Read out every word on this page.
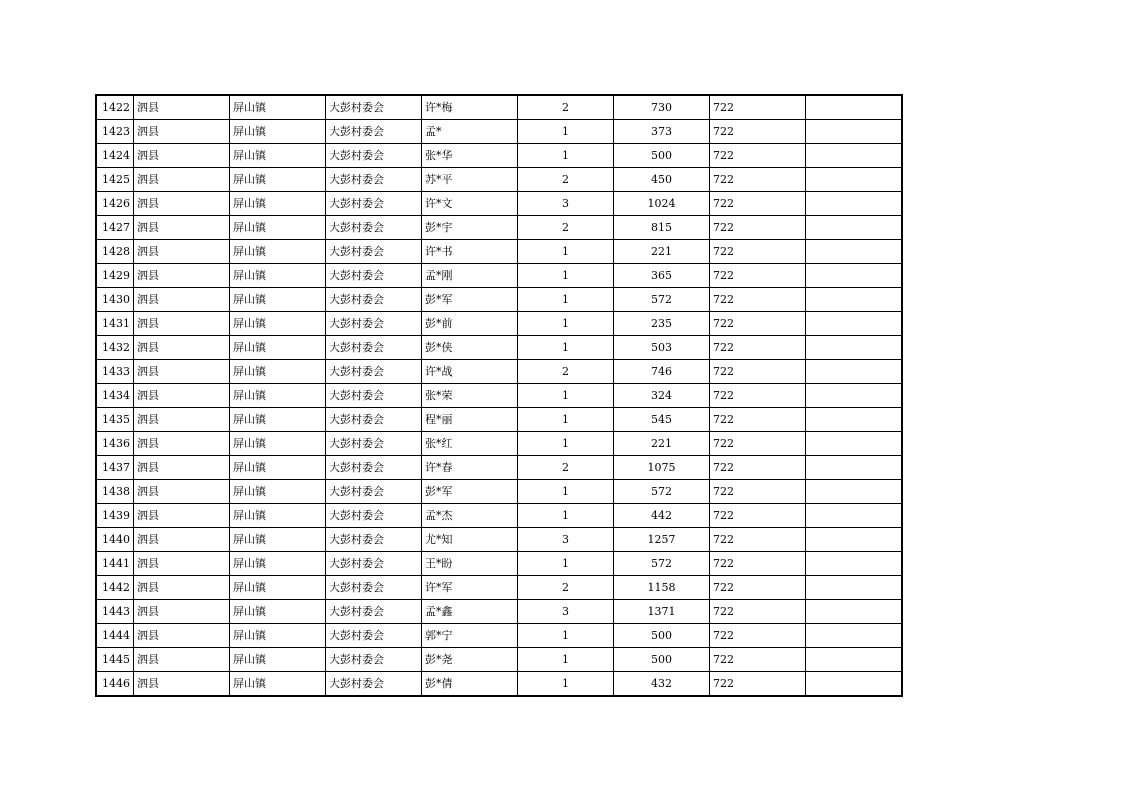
1422	泗县	屏山镇	大彭村委会	许*梅	2	730	722	
1423	泗县	屏山镇	大彭村委会	孟*	1	373	722	
1424	泗县	屏山镇	大彭村委会	张*华	1	500	722	
1425	泗县	屏山镇	大彭村委会	苏*平	2	450	722	
1426	泗县	屏山镇	大彭村委会	许*文	3	1024	722	
1427	泗县	屏山镇	大彭村委会	彭*宇	2	815	722	
1428	泗县	屏山镇	大彭村委会	许*书	1	221	722	
1429	泗县	屏山镇	大彭村委会	孟*刚	1	365	722	
1430	泗县	屏山镇	大彭村委会	彭*军	1	572	722	
1431	泗县	屏山镇	大彭村委会	彭*前	1	235	722	
1432	泗县	屏山镇	大彭村委会	彭*侠	1	503	722	
1433	泗县	屏山镇	大彭村委会	许*战	2	746	722	
1434	泗县	屏山镇	大彭村委会	张*荣	1	324	722	
1435	泗县	屏山镇	大彭村委会	程*丽	1	545	722	
1436	泗县	屏山镇	大彭村委会	张*红	1	221	722	
1437	泗县	屏山镇	大彭村委会	许*春	2	1075	722	
1438	泗县	屏山镇	大彭村委会	彭*军	1	572	722	
1439	泗县	屏山镇	大彭村委会	孟*杰	1	442	722	
1440	泗县	屏山镇	大彭村委会	尤*知	3	1257	722	
1441	泗县	屏山镇	大彭村委会	王*盼	1	572	722	
1442	泗县	屏山镇	大彭村委会	许*军	2	1158	722	
1443	泗县	屏山镇	大彭村委会	孟*鑫	3	1371	722	
1444	泗县	屏山镇	大彭村委会	郭*宁	1	500	722	
1445	泗县	屏山镇	大彭村委会	彭*尧	1	500	722	
1446	泗县	屏山镇	大彭村委会	彭*倩	1	432	722	
